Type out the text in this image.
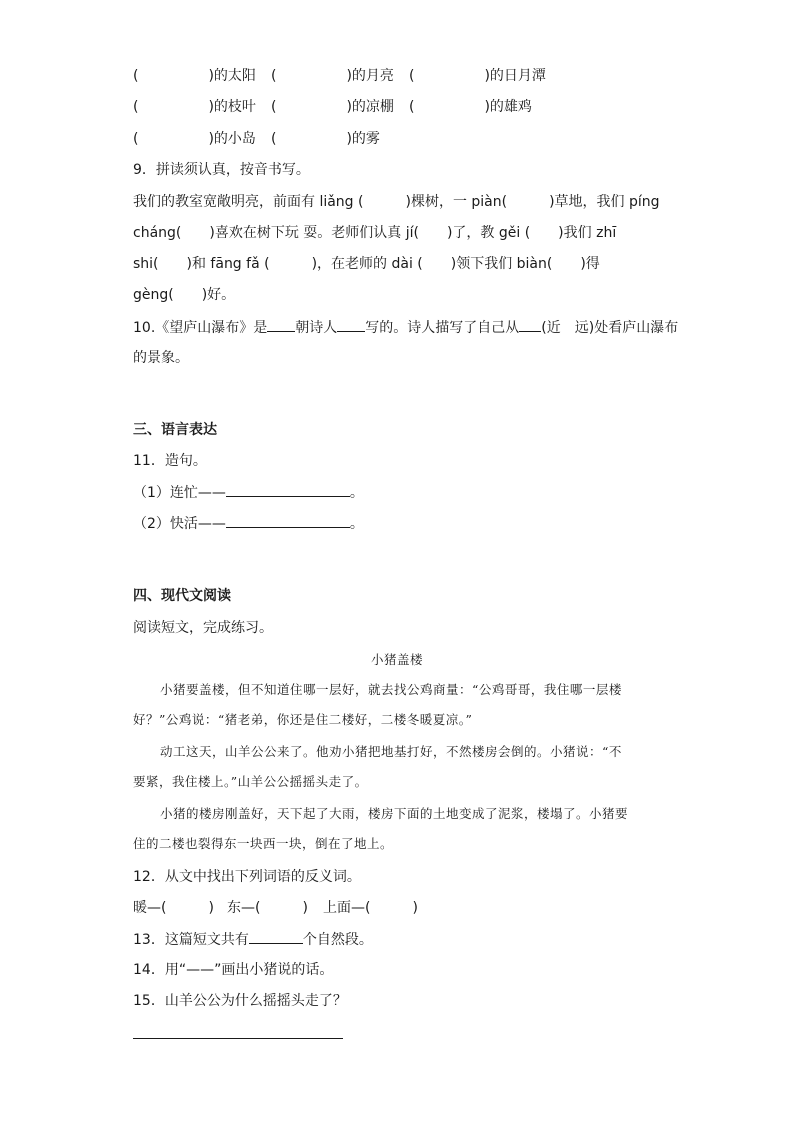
(　　　　　)的太阳 (　　　　　)的月亮 (　　　　　)的日月潭
(　　　　　)的枝叶 (　　　　　)的凉棚 (　　　　　)的雄鸡
(　　　　　)的小岛 (　　　　　)的雾
9．拼读须认真，按音书写。
我们的教室宽敞明亮，前面有 liǎng (　　　)棵树，一 piàn(　　　)草地，我们 píng
cháng(　　)喜欢在树下玩 耍。老师们认真 jí(　　)了，教 gěi (　　)我们 zhī
shi(　　)和 fāng fǎ (　　　)，在老师的 dài (　　)领下我们 biàn(　　)得
gèng(　　)好。
10.《望庐山瀑布》是 朝诗人 写的。诗人描写了自己从 (近　远)处看庐山瀑布
的景象。
三、语言表达
11．造句。
（1）连忙——	。
（2）快活——	。
四、现代文阅读
阅读短文，完成练习。
小猪盖楼
小猪要盖楼，但不知道住哪一层好，就去找公鸡商量：“公鸡哥哥，我住哪一层楼
好？”公鸡说：“猪老弟，你还是住二楼好，二楼冬暖夏凉。”
动工这天，山羊公公来了。他劝小猪把地基打好，不然楼房会倒的。小猪说：“不
要紧，我住楼上。”山羊公公摇摇头走了。
小猪的楼房刚盖好，天下起了大雨，楼房下面的土地变成了泥浆，楼塌了。小猪要
住的二楼也裂得东一块西一块，倒在了地上。
12．从文中找出下列词语的反义词。
暖—(　　　) 东—(　　　) 上面—(　　　)
13．这篇短文共有	个自然段。
14．用“——”画出小猪说的话。
15．山羊公公为什么摇摇头走了？
